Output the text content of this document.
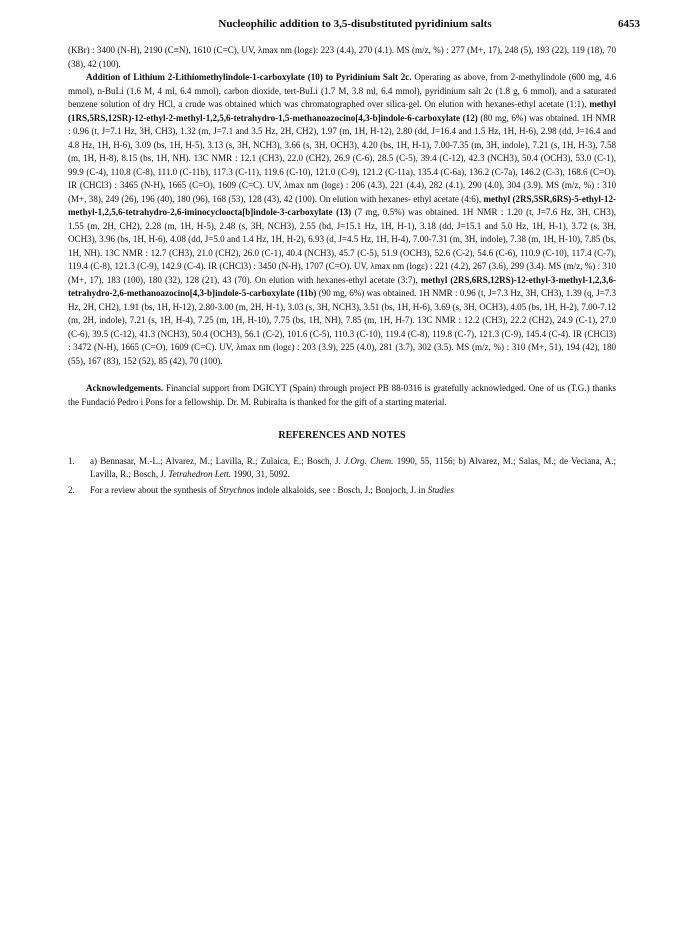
Nucleophilic addition to 3,5-disubstituted pyridinium salts	6453

(KBr) : 3400 (N-H), 2190 (C≡N), 1610 (C=C), UV, λmax nm (logε): 223 (4.4), 270 (4.1). MS (m/z, %) : 277 (M+, 17), 248 (5), 193 (22), 119 (18), 70 (38), 42 (100).

Addition of Lithium 2-Lithiomethylindole-1-carboxylate (10) to Pyridinium Salt 2c. Operating as above, from 2-methylindole (600 mg, 4.6 mmol), n-BuLi (1.6 M, 4 ml, 6.4 mmol), carbon dioxide, tert-BuLi (1.7 M, 3.8 ml, 6.4 mmol), pyridinium salt 2c (1.8 g, 6 mmol), and a saturated benzene solution of dry HCl, a crude was obtained which was chromatographed over silica-gel. On elution with hexanes-ethyl acetate (1:1), methyl (1RS,5RS,12SR)-12-ethyl-2-methyl-1,2,5,6-tetrahydro-1,5-methanoazocino[4,3-b]indole-6-carboxylate (12) (80 mg, 6%) was obtained. 1H NMR : 0.96 (t, J=7.1 Hz, 3H, CH3), 1.32 (m, J=7.1 and 3.5 Hz, 2H, CH2), 1.97 (m, 1H, H-12), 2.80 (dd, J=16.4 and 1.5 Hz, 1H, H-6), 2.98 (dd, J=16.4 and 4.8 Hz, 1H, H-6), 3.09 (bs, 1H, H-5), 3.13 (s, 3H, NCH3), 3.66 (s, 3H, OCH3), 4.20 (bs, 1H, H-1), 7.00-7.35 (m, 3H, indole), 7.21 (s, 1H, H-3), 7.58 (m, 1H, H-8), 8.15 (bs, 1H, NH). 13C NMR : 12.1 (CH3), 22.0 (CH2), 26.9 (C-6), 28.5 (C-5), 39.4 (C-12), 42.3 (NCH3), 50.4 (OCH3), 53.0 (C-1), 99.9 (C-4), 110.8 (C-8), 111.0 (C-11b), 117.3 (C-11), 119.6 (C-10), 121.0 (C-9), 121.2 (C-11a), 135.4 (C-6a), 136.2 (C-7a), 146.2 (C-3), 168.6 (C=O). IR (CHCl3) : 3465 (N-H), 1665 (C=O), 1609 (C=C). UV, λmax nm (logε) : 206 (4.3), 221 (4.4), 282 (4.1), 290 (4.0), 304 (3.9). MS (m/z, %) : 310 (M+, 38), 249 (26), 196 (40), 180 (96), 168 (53), 128 (43), 42 (100). On elution with hexanes- ethyl acetate (4:6), methyl (2RS,5SR,6RS)-5-ethyl-12-methyl-1,2,5,6-tetrahydro-2,6-iminocycloocta[b]indole-3-carboxylate (13) (7 mg, 0.5%) was obtained. 1H NMR : 1.20 (t, J=7.6 Hz, 3H, CH3), 1.55 (m, 2H, CH2), 2.28 (m, 1H, H-5), 2.48 (s, 3H, NCH3), 2.55 (bd, J=15.1 Hz, 1H, H-1), 3.18 (dd, J=15.1 and 5.0 Hz, 1H, H-1), 3.72 (s, 3H, OCH3), 3.96 (bs, 1H, H-6), 4.08 (dd, J=5.0 and 1.4 Hz, 1H, H-2), 6.93 (d, J=4.5 Hz, 1H, H-4), 7.00-7.31 (m, 3H, indole), 7.38 (m, 1H, H-10), 7.85 (bs, 1H, NH). 13C NMR : 12.7 (CH3), 21.0 (CH2), 26.0 (C-1), 40.4 (NCH3), 45.7 (C-5), 51.9 (OCH3), 52.6 (C-2), 54.6 (C-6), 110.9 (C-10), 117.4 (C-7), 119.4 (C-8), 121.3 (C-9), 142.9 (C-4). IR (CHCl3) : 3450 (N-H), 1707 (C=O). UV, λmax nm (logε) : 221 (4.2), 267 (3.6), 299 (3.4). MS (m/z, %) : 310 (M+, 17), 183 (100), 180 (32), 128 (21), 43 (70). On elution with hexanes-ethyl acetate (3:7), methyl (2RS,6RS,12RS)-12-ethyl-3-methyl-1,2,3,6-tetrahydro-2,6-methanoazocino[4,3-b]indole-5-carboxylate (11b) (90 mg, 6%) was obtained. 1H NMR : 0.96 (t, J=7.3 Hz, 3H, CH3), 1.39 (q, J=7.3 Hz, 2H, CH2), 1.91 (bs, 1H, H-12), 2.80-3.00 (m, 2H, H-1), 3.03 (s, 3H, NCH3), 3.51 (bs, 1H, H-6), 3.69 (s, 3H, OCH3), 4.05 (bs, 1H, H-2), 7.00-7.12 (m, 2H, indole), 7.21 (s, 1H, H-4), 7.25 (m, 1H, H-10), 7.75 (bs, 1H, NH), 7.85 (m, 1H, H-7). 13C NMR : 12.2 (CH3), 22.2 (CH2), 24.9 (C-1), 27.0 (C-6), 39.5 (C-12), 41.3 (NCH3), 50.4 (OCH3), 56.1 (C-2), 101.6 (C-5), 110.3 (C-10), 119.4 (C-8), 119.8 (C-7), 121.3 (C-9), 145.4 (C-4). IR (CHCl3) : 3472 (N-H), 1665 (C=O), 1609 (C=C). UV, λmax nm (logε) : 203 (3.9), 225 (4.0), 281 (3.7), 302 (3.5). MS (m/z, %) : 310 (M+, 51), 194 (42), 180 (55), 167 (83), 152 (52), 85 (42), 70 (100).

Acknowledgements. Financial support from DGICYT (Spain) through project PB 88-0316 is gratefully acknowledged. One of us (T.G.) thanks the Fundació Pedro i Pons for a fellowship. Dr. M. Rubiralta is thanked for the gift of a starting material.

REFERENCES AND NOTES

1.	a) Bennasar, M.-L.; Alvarez, M.; Lavilla, R.; Zulaica, E.; Bosch, J. J.Org. Chem. 1990, 55, 1156; b) Alvarez, M.; Salas, M.; de Veciana, A.; Lavilla, R.; Bosch, J. Tetrahedron Lett. 1990, 31, 5092.
2.	For a review about the synthesis of Strychnos indole alkaloids, see : Bosch, J.; Bonjoch, J. in Studies
